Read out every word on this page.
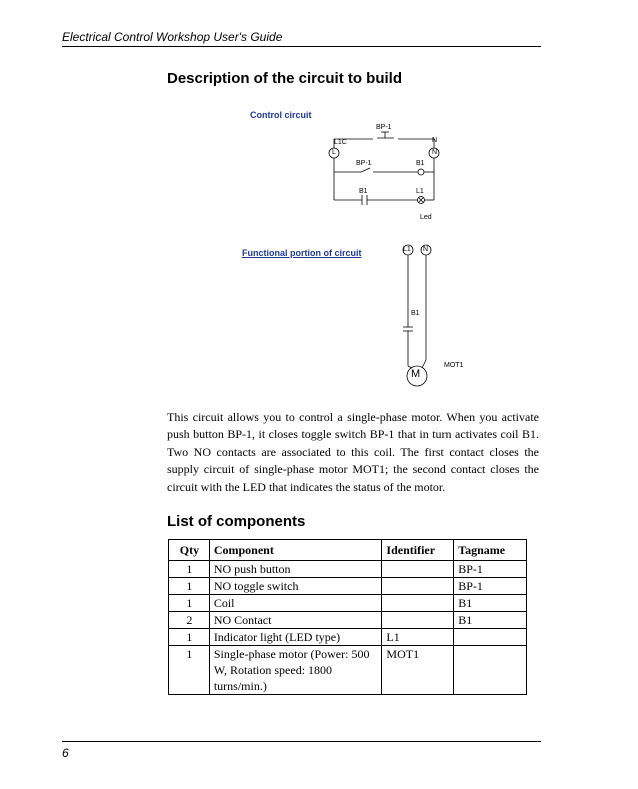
Electrical Control Workshop User's Guide
Description of the circuit to build
Control circuit
BP-1
L1C	N
L	N
BP-1	B1
B1	L1
Led
Functional portion of circuit	L1 N
B1
MOT1
M
This circuit allows you to control a single-phase motor. When you activate push button BP-1, it closes toggle switch BP-1 that in turn activates coil B1. Two NO contacts are associated to this coil. The first contact closes the supply circuit of single-phase motor MOT1; the second contact closes the circuit with the LED that indicates the status of the motor.
List of components
Qty	Component	Identifier	Tagname
1	NO push button		BP-1
1	NO toggle switch		BP-1
1	Coil		B1
2	NO Contact		B1
1	Indicator light (LED type)	L1	
1	Single-phase motor (Power: 500 W, Rotation speed: 1800 turns/min.)	MOT1	
6
